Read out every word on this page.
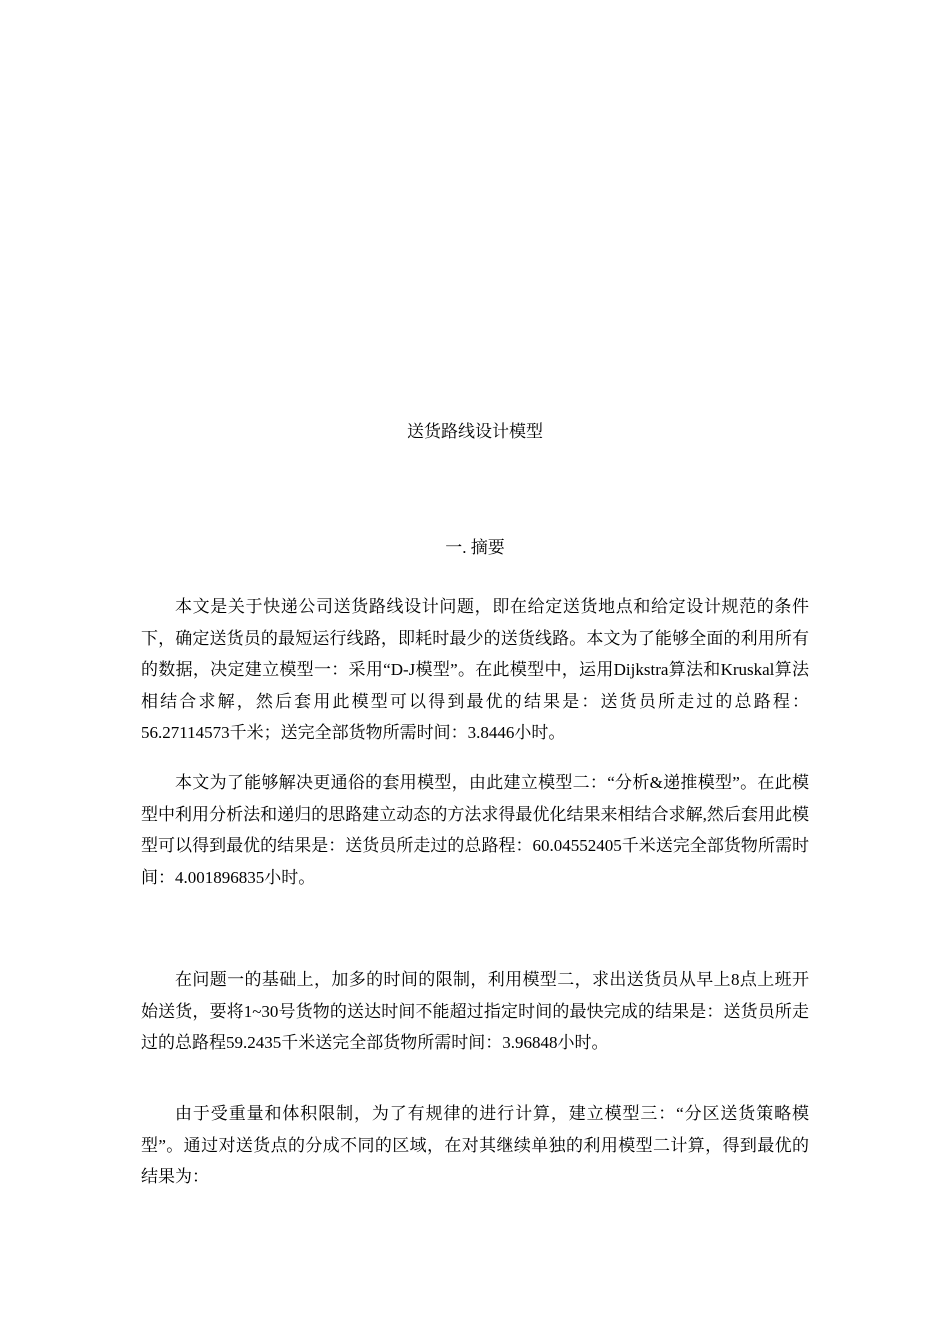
送货路线设计模型
一. 摘要

本文是关于快递公司送货路线设计问题，即在给定送货地点和给定设计规范的条件下，确定送货员的最短运行线路，即耗时最少的送货线路。本文为了能够全面的利用所有的数据，决定建立模型一：采用“D-J模型”。在此模型中，运用Dijkstra算法和Kruskal算法相结合求解，然后套用此模型可以得到最优的结果是：送货员所走过的总路程：56.27114573千米；送完全部货物所需时间：3.8446小时。

本文为了能够解决更通俗的套用模型，由此建立模型二：“分析&递推模型”。在此模型中利用分析法和递归的思路建立动态的方法求得最优化结果来相结合求解,然后套用此模型可以得到最优的结果是：送货员所走过的总路程：60.04552405千米送完全部货物所需时间：4.001896835小时。

在问题一的基础上，加多的时间的限制，利用模型二，求出送货员从早上8点上班开始送货，要将1~30号货物的送达时间不能超过指定时间的最快完成的结果是：送货员所走过的总路程59.2435千米送完全部货物所需时间：3.96848小时。

由于受重量和体积限制，为了有规律的进行计算，建立模型三：“分区送货策略模型”。通过对送货点的分成不同的区域，在对其继续单独的利用模型二计算，得到最优的结果为：
